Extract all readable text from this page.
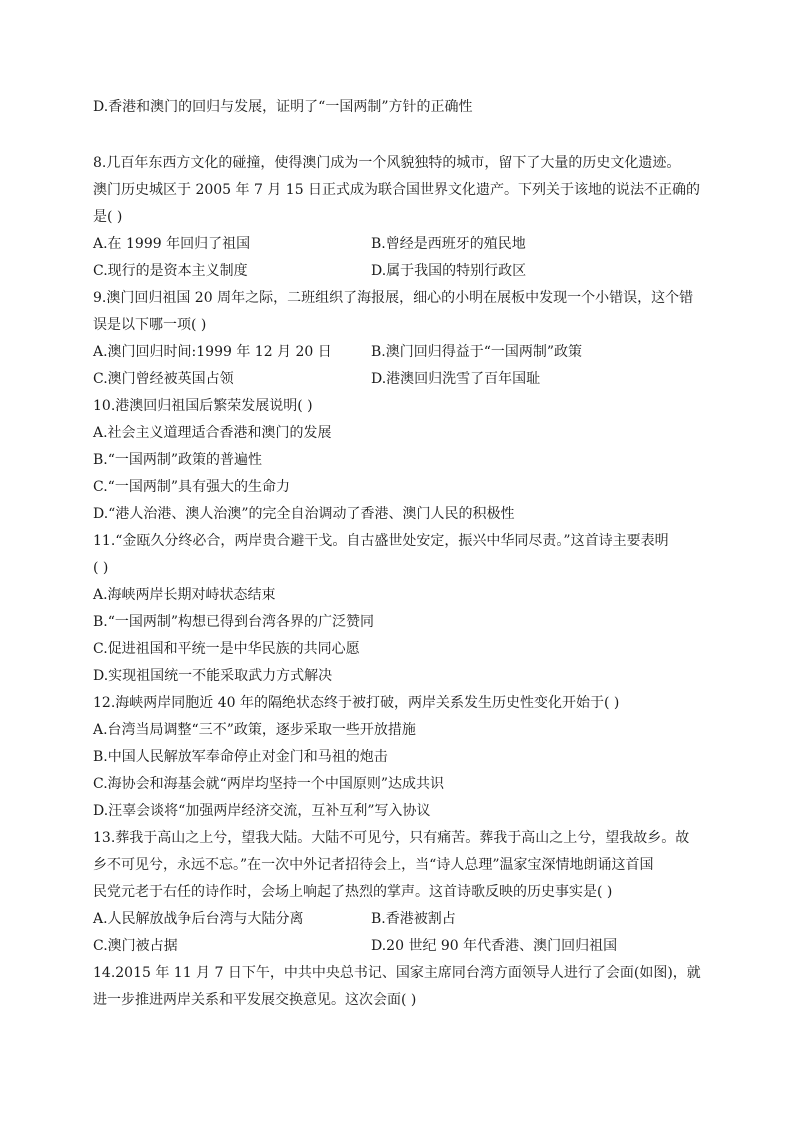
D.香港和澳门的回归与发展，证明了“一国两制”方针的正确性
8.几百年东西方文化的碰撞，使得澳门成为一个风貌独特的城市，留下了大量的历史文化遗迹。
澳门历史城区于 2005 年 7 月 15 日正式成为联合国世界文化遗产。下列关于该地的说法不正确的
是( )
A.在 1999 年回归了祖国	B.曾经是西班牙的殖民地
C.现行的是资本主义制度	D.属于我国的特别行政区
9.澳门回归祖国 20 周年之际，二班组织了海报展，细心的小明在展板中发现一个小错误，这个错
误是以下哪一项( )
A.澳门回归时间:1999 年 12 月 20 日	B.澳门回归得益于“一国两制”政策
C.澳门曾经被英国占领	D.港澳回归洗雪了百年国耻
10.港澳回归祖国后繁荣发展说明( )
A.社会主义道理适合香港和澳门的发展
B.“一国两制”政策的普遍性
C.“一国两制”具有强大的生命力
D.“港人治港、澳人治澳”的完全自治调动了香港、澳门人民的积极性
11.“金瓯久分终必合，两岸贵合避干戈。自古盛世处安定，振兴中华同尽责。”这首诗主要表明
( )
A.海峡两岸长期对峙状态结束
B.“一国两制”构想已得到台湾各界的广泛赞同
C.促进祖国和平统一是中华民族的共同心愿
D.实现祖国统一不能采取武力方式解决
12.海峡两岸同胞近 40 年的隔绝状态终于被打破，两岸关系发生历史性变化开始于( )
A.台湾当局调整“三不”政策，逐步采取一些开放措施
B.中国人民解放军奉命停止对金门和马祖的炮击
C.海协会和海基会就“两岸均坚持一个中国原则”达成共识
D.汪辜会谈将“加强两岸经济交流，互补互利”写入协议
13.葬我于高山之上兮，望我大陆。大陆不可见兮，只有痛苦。葬我于高山之上兮，望我故乡。故
乡不可见兮，永远不忘。”在一次中外记者招待会上，当“诗人总理”温家宝深情地朗诵这首国
民党元老于右任的诗作时，会场上响起了热烈的掌声。这首诗歌反映的历史事实是( )
A.人民解放战争后台湾与大陆分离	B.香港被割占
C.澳门被占据	D.20 世纪 90 年代香港、澳门回归祖国
14.2015 年 11 月 7 日下午，中共中央总书记、国家主席同台湾方面领导人进行了会面(如图)，就
进一步推进两岸关系和平发展交换意见。这次会面( )
